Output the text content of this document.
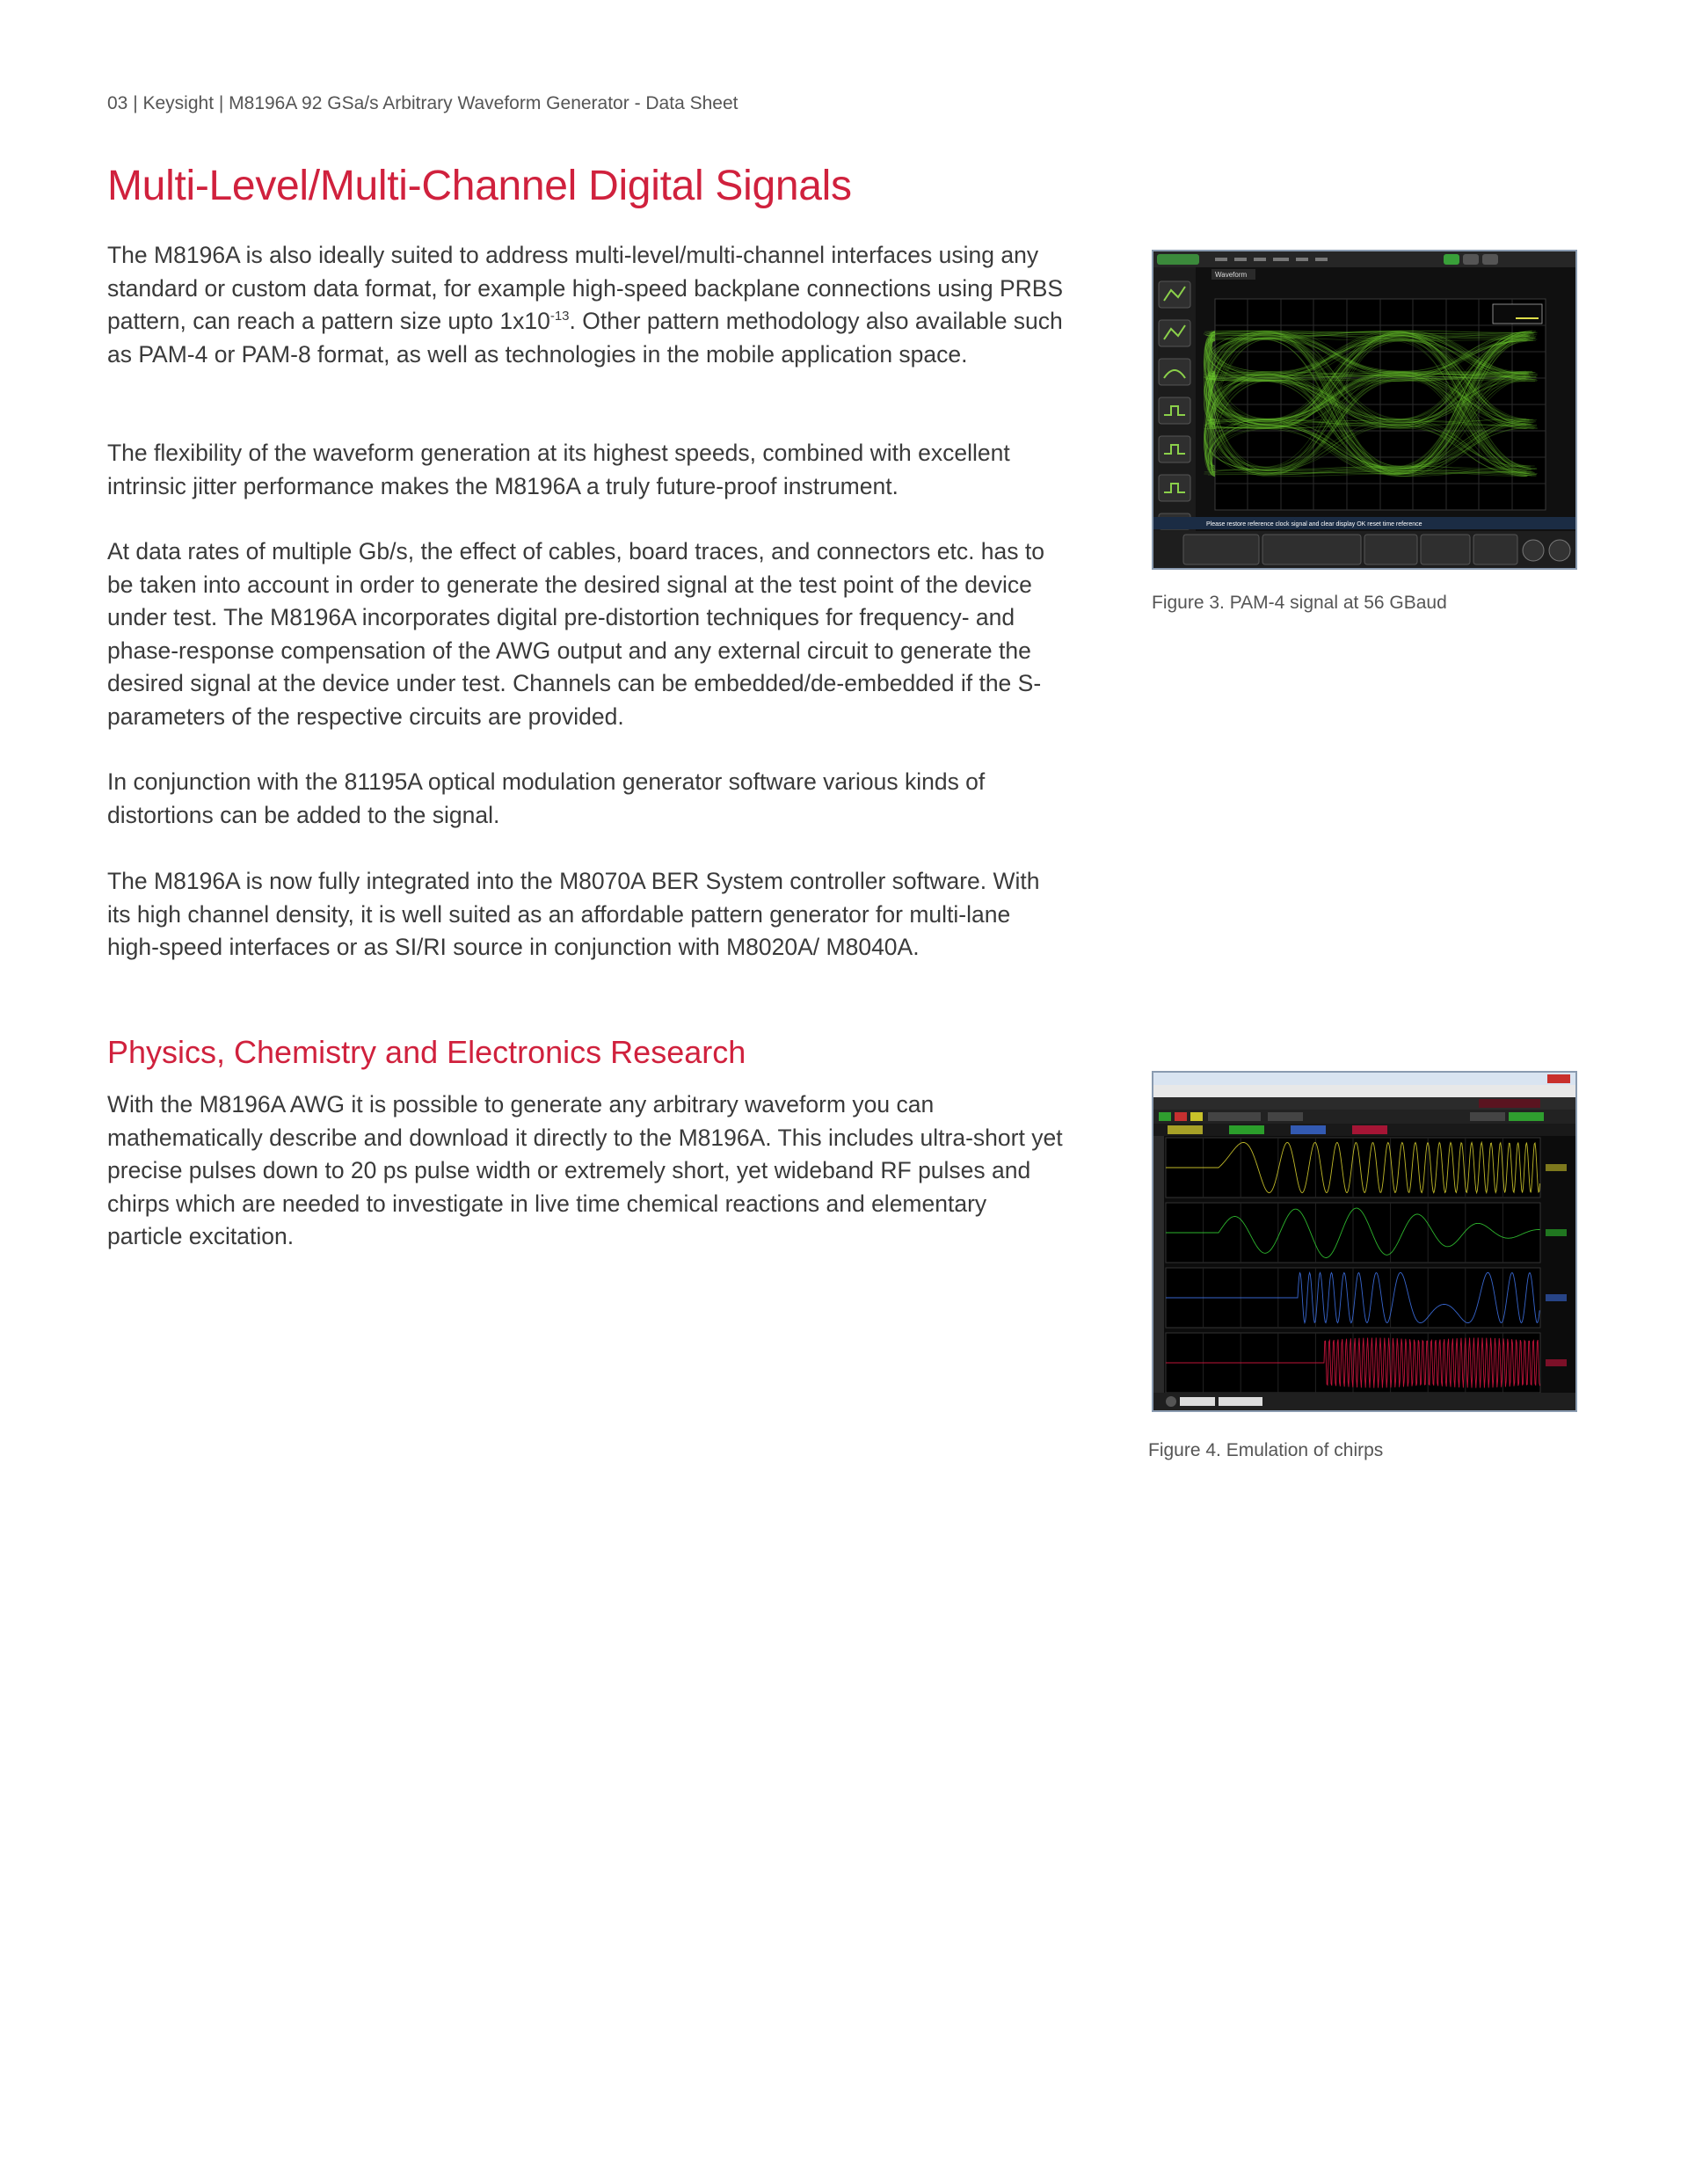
03 | Keysight | M8196A 92 GSa/s Arbitrary Waveform Generator - Data Sheet
Multi-Level/Multi-Channel Digital Signals

The M8196A is also ideally suited to address multi-level/multi-channel interfaces using any standard or custom data format, for example high-speed backplane connections using PRBS pattern, can reach a pattern size upto $1x10^{-13}$. Other pattern methodology also available such as PAM-4 or PAM-8 format, as well as technologies in the mobile application space.

The flexibility of the waveform generation at its highest speeds, combined with excellent intrinsic jitter performance makes the M8196A a truly future-proof instrument.

At data rates of multiple Gb/s, the effect of cables, board traces, and connectors etc. has to be taken into account in order to generate the desired signal at the test point of the device under test. The M8196A incorporates digital pre-distortion techniques for frequency- and phase-response compensation of the AWG output and any external circuit to generate the desired signal at the device under test. Channels can be embedded/de-embedded if the S-parameters of the respective circuits are provided.

In conjunction with the 81195A optical modulation generator software various kinds of distortions can be added to the signal.

The M8196A is now fully integrated into the M8070A BER System controller software. With its high channel density, it is well suited as an affordable pattern generator for multi-lane high-speed interfaces or as SI/RI source in conjunction with M8020A/ M8040A.

Physics, Chemistry and Electronics Research

With the M8196A AWG it is possible to generate any arbitrary waveform you can mathematically describe and download it directly to the M8196A. This includes ultra-short yet precise pulses down to 20 ps pulse width or extremely short, yet wideband RF pulses and chirps which are needed to investigate in live time chemical reactions and elementary particle excitation.

Waveform
Please restore reference clock signal and clear display OK reset time reference
Figure 3. PAM-4 signal at 56 GBaud
Figure 4. Emulation of chirps
